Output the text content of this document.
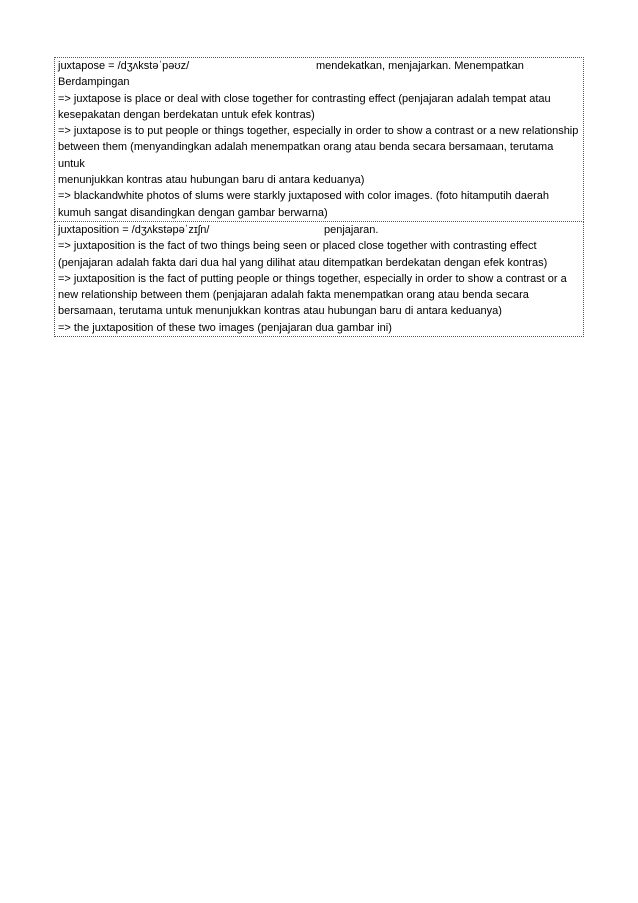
juxtapose = /dʒʌkstəˈpəʊz/	mendekatkan, menjajarkan. Menempatkan
Berdampingan
=> juxtapose is place or deal with close together for contrasting effect (penjajaran adalah tempat atau
kesepakatan dengan berdekatan untuk efek kontras)
=> juxtapose is to put people or things together, especially in order to show a contrast or a new relationship
between them (menyandingkan adalah menempatkan orang atau benda secara bersamaan, terutama untuk
menunjukkan kontras atau hubungan baru di antara keduanya)
=> blackandwhite photos of slums were starkly juxtaposed with color images. (foto hitamputih daerah
kumuh sangat disandingkan dengan gambar berwarna)
juxtaposition = /dʒʌkstəpəˈzɪʃn/	penjajaran.
=> juxtaposition is the fact of two things being seen or placed close together with contrasting effect
(penjajaran adalah fakta dari dua hal yang dilihat atau ditempatkan berdekatan dengan efek kontras)
=> juxtaposition is the fact of putting people or things together, especially in order to show a contrast or a
new relationship between them (penjajaran adalah fakta menempatkan orang atau benda secara
bersamaan, terutama untuk menunjukkan kontras atau hubungan baru di antara keduanya)
=> the juxtaposition of these two images (penjajaran dua gambar ini)
